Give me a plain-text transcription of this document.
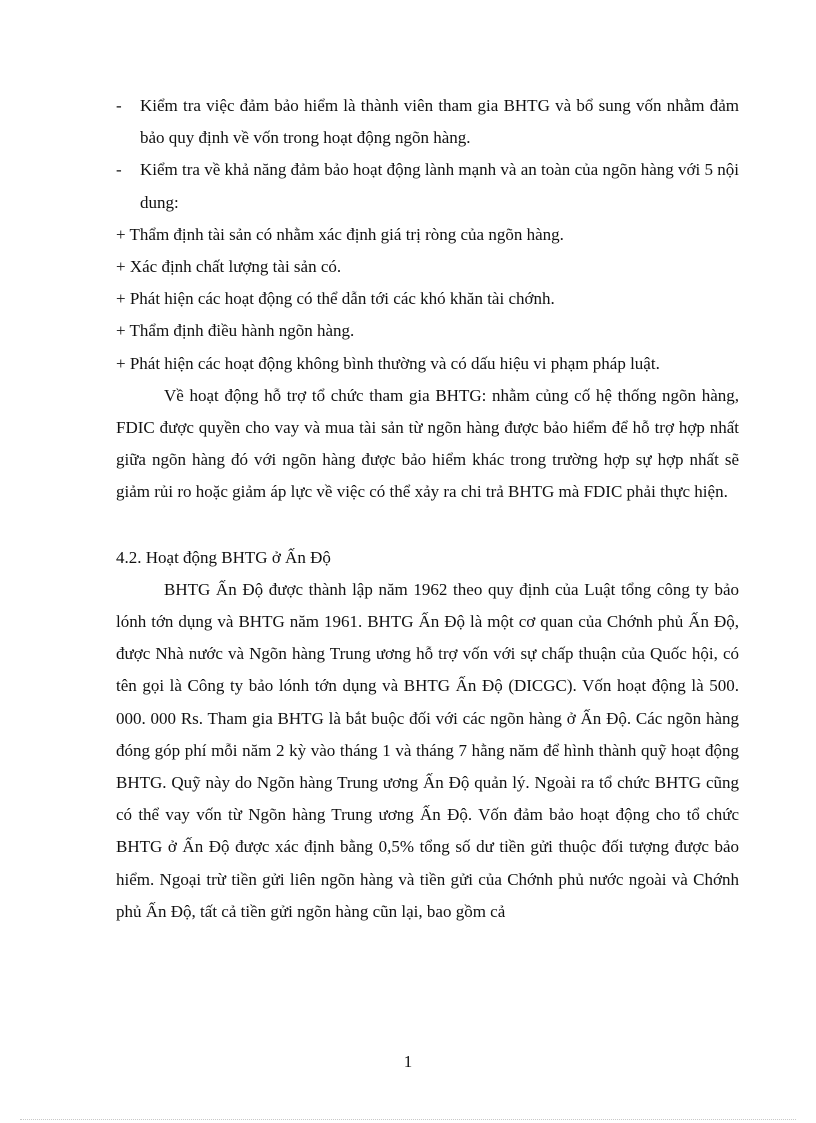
-	Kiểm tra việc đảm bảo hiểm là thành viên tham gia BHTG và bổ sung vốn nhằm đảm bảo quy định về vốn trong hoạt động ngõn hàng.
-	Kiểm tra về khả năng đảm bảo hoạt động lành mạnh và an toàn của ngõn hàng với 5 nội dung:
+ Thẩm định tài sản có nhằm xác định giá trị ròng của ngõn hàng.
+ Xác định chất lượng tài sản có.
+ Phát hiện các hoạt động có thể dẫn tới các khó khăn tài chớnh.
+ Thẩm định điều hành ngõn hàng.
+ Phát hiện các hoạt động không bình thường và có dấu hiệu vi phạm pháp luật.

Về hoạt động hỗ trợ tổ chức tham gia BHTG: nhằm củng cố hệ thống ngõn hàng, FDIC được quyền cho vay và mua tài sản từ ngõn hàng được bảo hiểm để hỗ trợ hợp nhất giữa ngõn hàng đó với ngõn hàng được bảo hiểm khác trong trường hợp sự hợp nhất sẽ giảm rủi ro hoặc giảm áp lực về việc có thể xảy ra chi trả BHTG mà FDIC phải thực hiện.

4.2. Hoạt động BHTG ở Ấn Độ

BHTG Ấn Độ được thành lập năm 1962 theo quy định của Luật tổng công ty bảo lónh tớn dụng và BHTG năm 1961. BHTG Ấn Độ là một cơ quan của Chớnh phủ Ấn Độ, được Nhà nước và Ngõn hàng Trung ương hỗ trợ vốn với sự chấp thuận của Quốc hội, có tên gọi là Công ty bảo lónh tớn dụng và BHTG Ấn Độ (DICGC). Vốn hoạt động là 500. 000. 000 Rs. Tham gia BHTG là bắt buộc đối với các ngõn hàng ở Ấn Độ. Các ngõn hàng đóng góp phí mỗi năm 2 kỳ vào tháng 1 và tháng 7 hằng năm để hình thành quỹ hoạt động BHTG. Quỹ này do Ngõn hàng Trung ương Ấn Độ quản lý. Ngoài ra tổ chức BHTG cũng có thể vay vốn từ Ngõn hàng Trung ương Ấn Độ. Vốn đảm bảo hoạt động cho tổ chức BHTG ở Ấn Độ được xác định bằng 0,5% tổng số dư tiền gửi thuộc đối tượng được bảo hiểm. Ngoại trừ tiền gửi liên ngõn hàng và tiền gửi của Chớnh phủ nước ngoài và Chớnh phủ Ấn Độ, tất cả tiền gửi ngõn hàng cũn lại, bao gồm cả

1
